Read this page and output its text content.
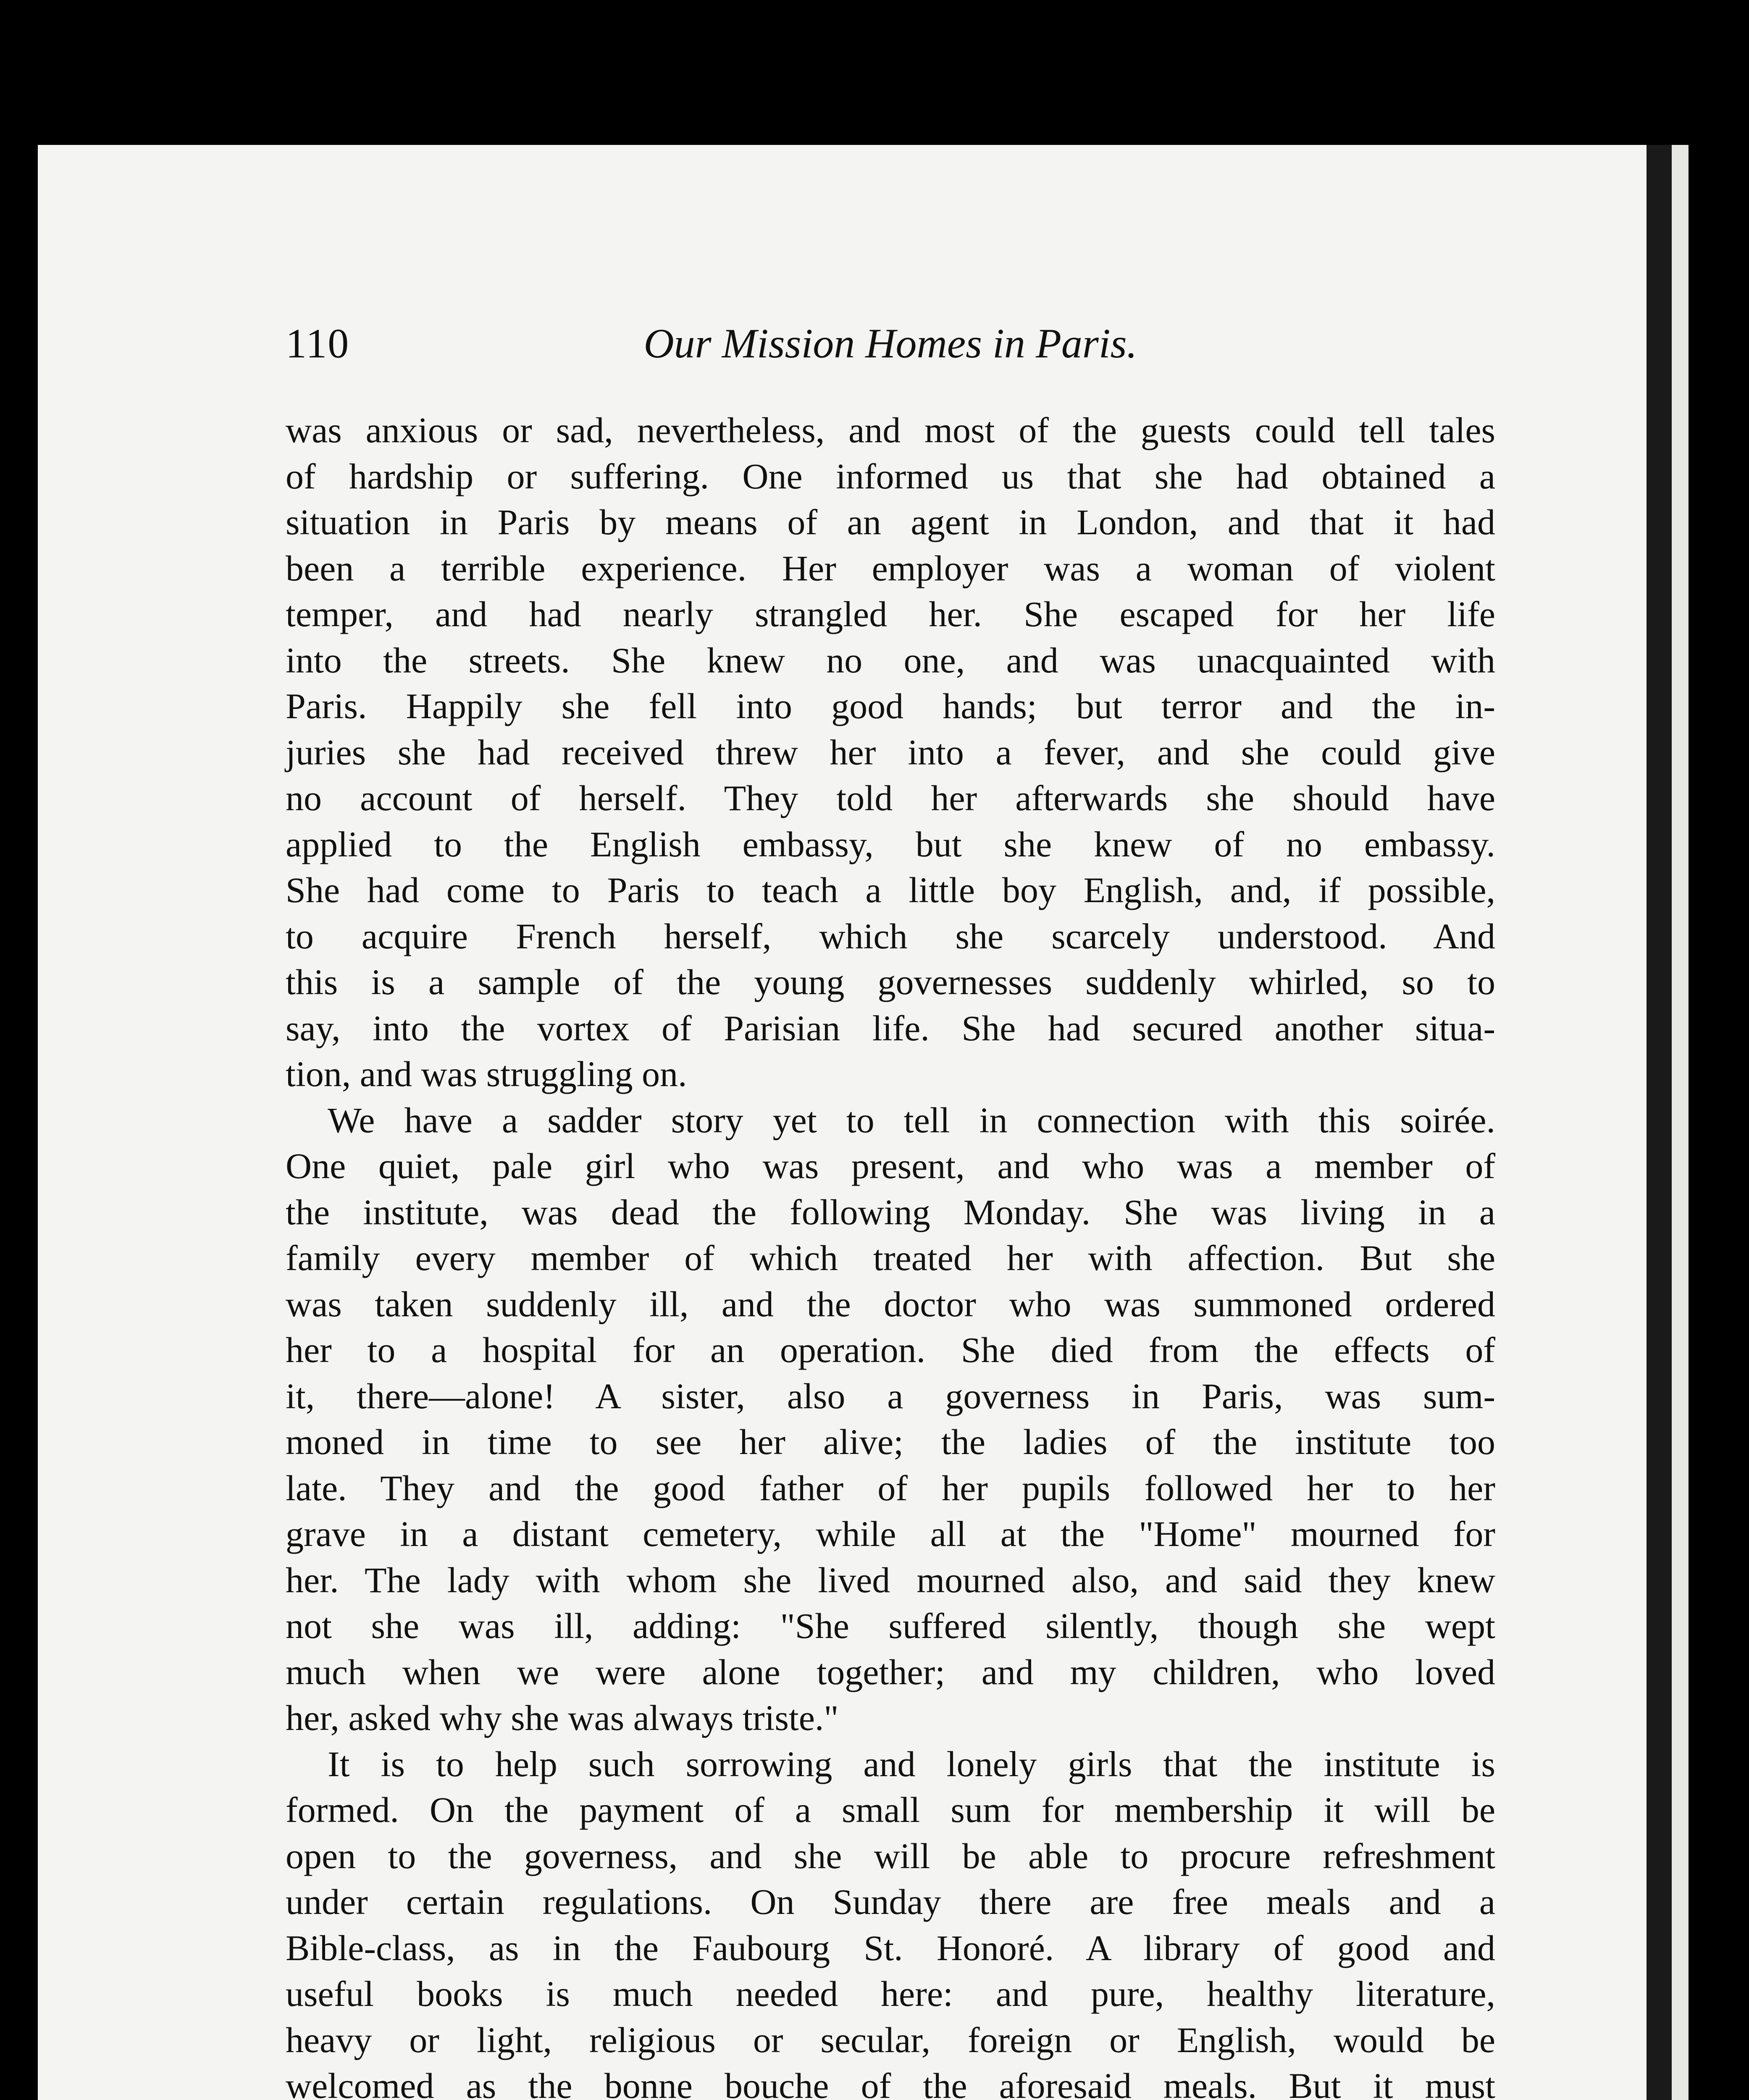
110	Our Mission Homes in Paris.
was anxious or sad, nevertheless, and most of the guests could tell tales
of hardship or suffering. One informed us that she had obtained a
situation in Paris by means of an agent in London, and that it had
been a terrible experience. Her employer was a woman of violent
temper, and had nearly strangled her. She escaped for her life
into the streets. She knew no one, and was unacquainted with
Paris. Happily she fell into good hands; but terror and the in-
juries she had received threw her into a fever, and she could give
no account of herself. They told her afterwards she should have
applied to the English embassy, but she knew of no embassy.
She had come to Paris to teach a little boy English, and, if possible,
to acquire French herself, which she scarcely understood. And
this is a sample of the young governesses suddenly whirled, so to
say, into the vortex of Parisian life. She had secured another situa-
tion, and was struggling on.
We have a sadder story yet to tell in connection with this soirée.
One quiet, pale girl who was present, and who was a member of
the institute, was dead the following Monday. She was living in a
family every member of which treated her with affection. But she
was taken suddenly ill, and the doctor who was summoned ordered
her to a hospital for an operation. She died from the effects of
it, there—alone! A sister, also a governess in Paris, was sum-
moned in time to see her alive; the ladies of the institute too
late. They and the good father of her pupils followed her to her
grave in a distant cemetery, while all at the "Home" mourned for
her. The lady with whom she lived mourned also, and said they knew
not she was ill, adding: "She suffered silently, though she wept
much when we were alone together; and my children, who loved
her, asked why she was always triste."
It is to help such sorrowing and lonely girls that the institute is
formed. On the payment of a small sum for membership it will be
open to the governess, and she will be able to procure refreshment
under certain regulations. On Sunday there are free meals and a
Bible-class, as in the Faubourg St. Honoré. A library of good and
useful books is much needed here: and pure, healthy literature,
heavy or light, religious or secular, foreign or English, would be
welcomed as the bonne bouche of the aforesaid meals. But it must
